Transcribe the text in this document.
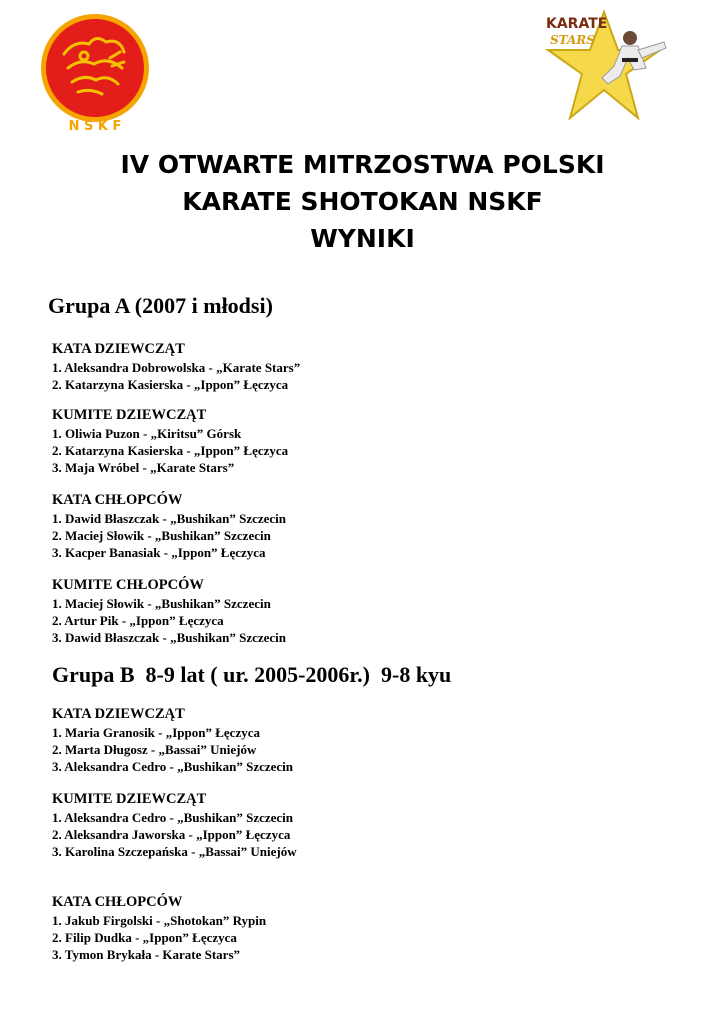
N S K F
KARATE
STARS
IV OTWARTE MITRZOSTWA POLSKI
KARATE SHOTOKAN NSKF
WYNIKI
Grupa A (2007 i młodsi)
KATA DZIEWCZĄT
1. Aleksandra Dobrowolska - „Karate Stars”
2. Katarzyna Kasierska - „Ippon” Łęczyca
KUMITE DZIEWCZĄT
1. Oliwia Puzon - „Kiritsu” Górsk
2. Katarzyna Kasierska - „Ippon” Łęczyca
3. Maja Wróbel - „Karate Stars”
KATA CHŁOPCÓW
1. Dawid Błaszczak - „Bushikan” Szczecin
2. Maciej Słowik - „Bushikan” Szczecin
3. Kacper Banasiak - „Ippon” Łęczyca
KUMITE CHŁOPCÓW
1. Maciej Słowik - „Bushikan” Szczecin
2. Artur Pik - „Ippon” Łęczyca
3. Dawid Błaszczak - „Bushikan” Szczecin
Grupa B  8-9 lat ( ur. 2005-2006r.)  9-8 kyu
KATA DZIEWCZĄT
1. Maria Granosik - „Ippon” Łęczyca
2. Marta Długosz - „Bassai” Uniejów
3. Aleksandra Cedro - „Bushikan” Szczecin
KUMITE DZIEWCZĄT
1. Aleksandra Cedro - „Bushikan” Szczecin
2. Aleksandra Jaworska - „Ippon” Łęczyca
3. Karolina Szczepańska - „Bassai” Uniejów
KATA CHŁOPCÓW
1. Jakub Firgolski - „Shotokan” Rypin
2. Filip Dudka - „Ippon” Łęczyca
3. Tymon Brykała - Karate Stars”
